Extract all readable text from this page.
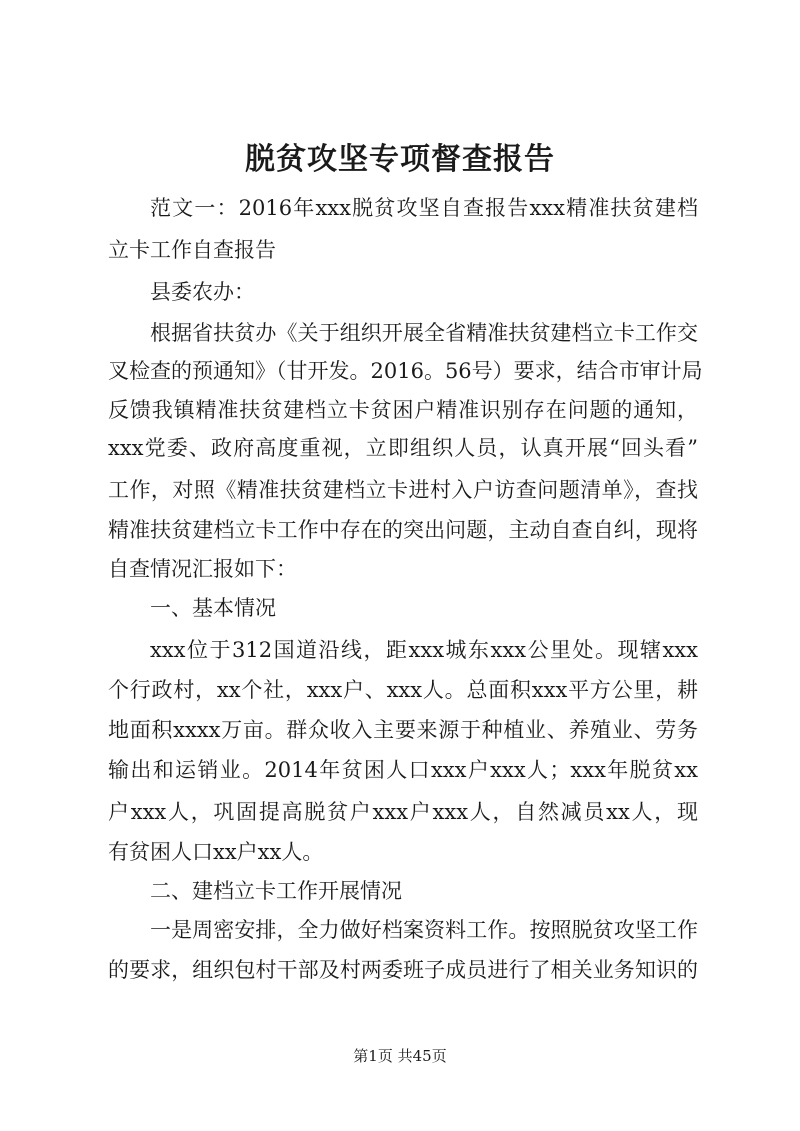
脱贫攻坚专项督查报告
范文一：2016年xxx脱贫攻坚自查报告xxx精准扶贫建档
立卡工作自查报告
县委农办：
根据省扶贫办《关于组织开展全省精准扶贫建档立卡工作交
叉检查的预通知》（甘开发。2016。56号）要求，结合市审计局
反馈我镇精准扶贫建档立卡贫困户精准识别存在问题的通知，
xxx党委、政府高度重视，立即组织人员，认真开展“回头看”
工作，对照《精准扶贫建档立卡进村入户访查问题清单》，查找
精准扶贫建档立卡工作中存在的突出问题，主动自查自纠，现将
自查情况汇报如下：
一、基本情况
xxx位于312国道沿线，距xxx城东xxx公里处。现辖xxx
个行政村，xx个社，xxx户、xxx人。总面积xxx平方公里，耕
地面积xxxx万亩。群众收入主要来源于种植业、养殖业、劳务
输出和运销业。2014年贫困人口xxx户xxx人；xxx年脱贫xx
户xxx人，巩固提高脱贫户xxx户xxx人，自然减员xx人，现
有贫困人口xx户xx人。
二、建档立卡工作开展情况
一是周密安排，全力做好档案资料工作。按照脱贫攻坚工作
的要求，组织包村干部及村两委班子成员进行了相关业务知识的
第1页 共45页
